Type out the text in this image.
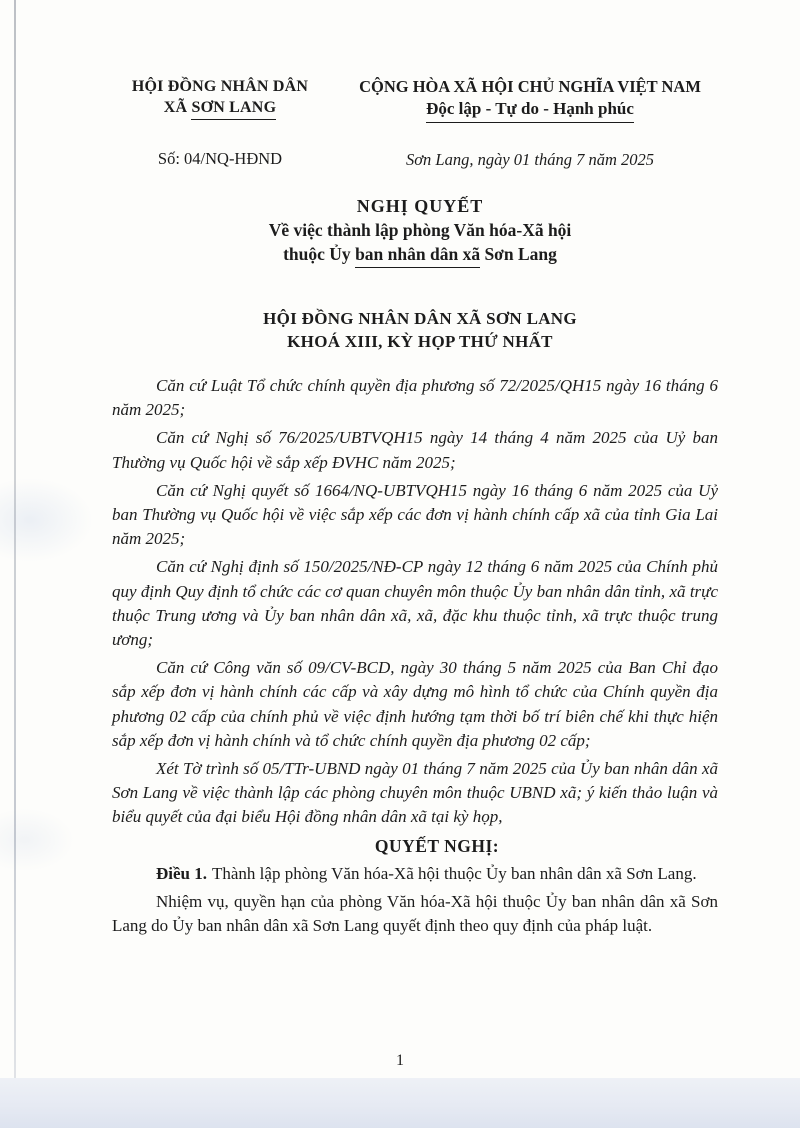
HỘI ĐỒNG NHÂN DÂN
XÃ SƠN LANG
Số: 04/NQ-HĐND
CỘNG HÒA XÃ HỘI CHỦ NGHĨA VIỆT NAM
Độc lập - Tự do - Hạnh phúc
Sơn Lang, ngày 01 tháng 7 năm 2025
NGHỊ QUYẾT
Về việc thành lập phòng Văn hóa-Xã hội
thuộc Ủy ban nhân dân xã Sơn Lang
HỘI ĐỒNG NHÂN DÂN XÃ SƠN LANG
KHOÁ XIII, KỲ HỌP THỨ NHẤT

Căn cứ Luật Tổ chức chính quyền địa phương số 72/2025/QH15 ngày 16 tháng 6 năm 2025;

Căn cứ Nghị số 76/2025/UBTVQH15 ngày 14 tháng 4 năm 2025 của Uỷ ban Thường vụ Quốc hội về sắp xếp ĐVHC năm 2025;

Căn cứ Nghị quyết số 1664/NQ-UBTVQH15 ngày 16 tháng 6 năm 2025 của Uỷ ban Thường vụ Quốc hội về việc sắp xếp các đơn vị hành chính cấp xã của tỉnh Gia Lai năm 2025;

Căn cứ Nghị định số 150/2025/NĐ-CP ngày 12 tháng 6 năm 2025 của Chính phủ quy định Quy định tổ chức các cơ quan chuyên môn thuộc Ủy ban nhân dân tỉnh, xã trực thuộc Trung ương và Ủy ban nhân dân xã, xã, đặc khu thuộc tỉnh, xã trực thuộc trung ương;

Căn cứ Công văn số 09/CV-BCD, ngày 30 tháng 5 năm 2025 của Ban Chỉ đạo sắp xếp đơn vị hành chính các cấp và xây dựng mô hình tổ chức của Chính quyền địa phương 02 cấp của chính phủ về việc định hướng tạm thời bố trí biên chế khi thực hiện sắp xếp đơn vị hành chính và tổ chức chính quyền địa phương 02 cấp;

Xét Tờ trình số 05/TTr-UBND ngày 01 tháng 7 năm 2025 của Ủy ban nhân dân xã Sơn Lang về việc thành lập các phòng chuyên môn thuộc UBND xã; ý kiến thảo luận và biểu quyết của đại biểu Hội đồng nhân dân xã tại kỳ họp,

QUYẾT NGHỊ:

Điều 1. Thành lập phòng Văn hóa-Xã hội thuộc Ủy ban nhân dân xã Sơn Lang.

Nhiệm vụ, quyền hạn của phòng Văn hóa-Xã hội thuộc Ủy ban nhân dân xã Sơn Lang do Ủy ban nhân dân xã Sơn Lang quyết định theo quy định của pháp luật.

1
